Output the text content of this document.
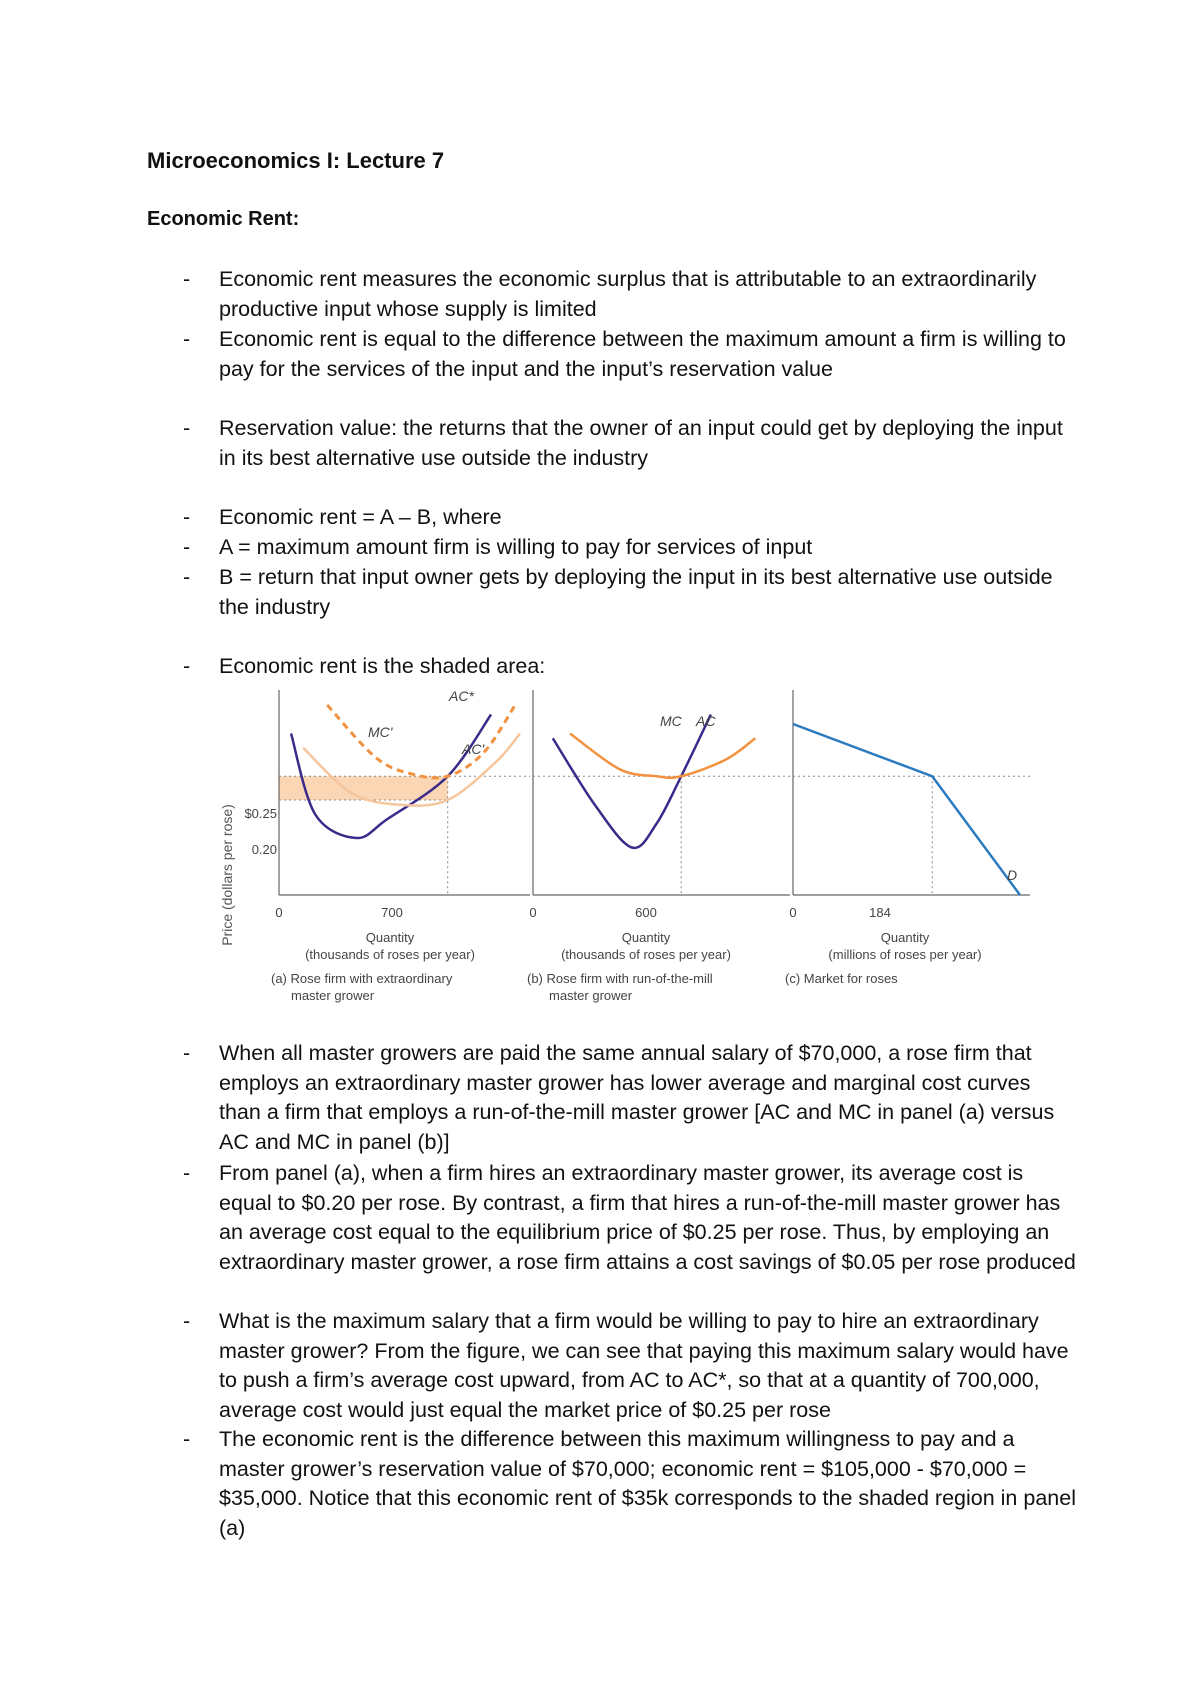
Microeconomics I: Lecture 7
Economic Rent:
- Economic rent measures the economic surplus that is attributable to an extraordinarily productive input whose supply is limited
- Economic rent is equal to the difference between the maximum amount a firm is willing to pay for the services of the input and the input’s reservation value
- Reservation value: the returns that the owner of an input could get by deploying the input in its best alternative use outside the industry
- Economic rent = A – B, where
- A = maximum amount firm is willing to pay for services of input
- B = return that input owner gets by deploying the input in its best alternative use outside the industry
- Economic rent is the shaded area:
Price (dollars per rose) $0.25
0.20
0	700
Quantity
(thousands of roses per year)
(a) Rose firm with extraordinary
master grower
MC'
AC'
AC*
0	600
Quantity
(thousands of roses per year)
(b) Rose firm with run-of-the-mill
master grower
MC AC
0	184
Quantity
(millions of roses per year)
(c) Market for roses
D
- When all master growers are paid the same annual salary of $70,000, a rose firm that employs an extraordinary master grower has lower average and marginal cost curves than a firm that employs a run-of-the-mill master grower [AC and MC in panel (a) versus AC and MC in panel (b)]
- From panel (a), when a firm hires an extraordinary master grower, its average cost is equal to $0.20 per rose. By contrast, a firm that hires a run-of-the-mill master grower has an average cost equal to the equilibrium price of $0.25 per rose. Thus, by employing an extraordinary master grower, a rose firm attains a cost savings of $0.05 per rose produced
- What is the maximum salary that a firm would be willing to pay to hire an extraordinary master grower? From the figure, we can see that paying this maximum salary would have to push a firm’s average cost upward, from AC to AC*, so that at a quantity of 700,000, average cost would just equal the market price of $0.25 per rose
- The economic rent is the difference between this maximum willingness to pay and a master grower’s reservation value of $70,000; economic rent = $105,000 - $70,000 = $35,000. Notice that this economic rent of $35k corresponds to the shaded region in panel (a)
